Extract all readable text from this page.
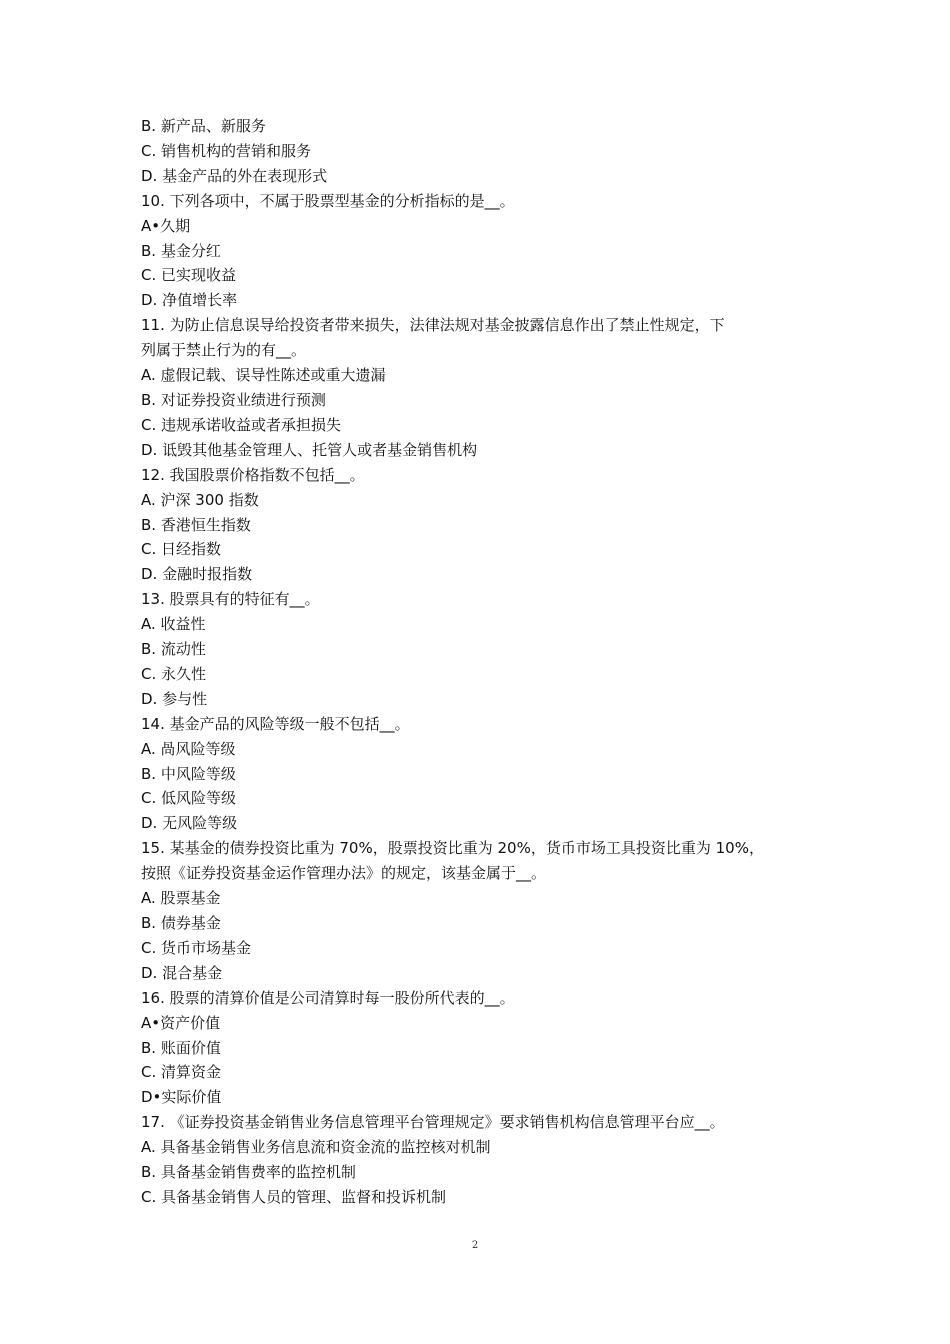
B. 新产品、新服务
C. 销售机构的营销和服务
D. 基金产品的外在表现形式
10. 下列各项中，不属于股票型基金的分析指标的是__。
A•久期
B. 基金分红
C. 已实现收益
D. 净值增长率
11. 为防止信息误导给投资者带来损失，法律法规对基金披露信息作出了禁止性规定，下
列属于禁止行为的有__。
A. 虚假记载、误导性陈述或重大遗漏
B. 对证券投资业绩进行预测
C. 违规承诺收益或者承担损失
D. 诋毁其他基金管理人、托管人或者基金销售机构
12. 我国股票价格指数不包括__。
A. 沪深 300 指数
B. 香港恒生指数
C. 日经指数
D. 金融时报指数
13. 股票具有的特征有__。
A. 收益性
B. 流动性
C. 永久性
D. 参与性
14. 基金产品的风险等级一般不包括__。
A. 咼风险等级
B. 中风险等级
C. 低风险等级
D. 无风险等级
15. 某基金的债券投资比重为 70%，股票投资比重为 20%，货币市场工具投资比重为 10%，
按照《证券投资基金运作管理办法》的规定，该基金属于__。
A. 股票基金
B. 债券基金
C. 货币市场基金
D. 混合基金
16. 股票的清算价值是公司清算时每一股份所代表的__。
A•资产价值
B. 账面价值
C. 清算资金
D•实际价值
17. 《证券投资基金销售业务信息管理平台管理规定》要求销售机构信息管理平台应__。
A. 具备基金销售业务信息流和资金流的监控核对机制
B. 具备基金销售费率的监控机制
C. 具备基金销售人员的管理、监督和投诉机制
2
